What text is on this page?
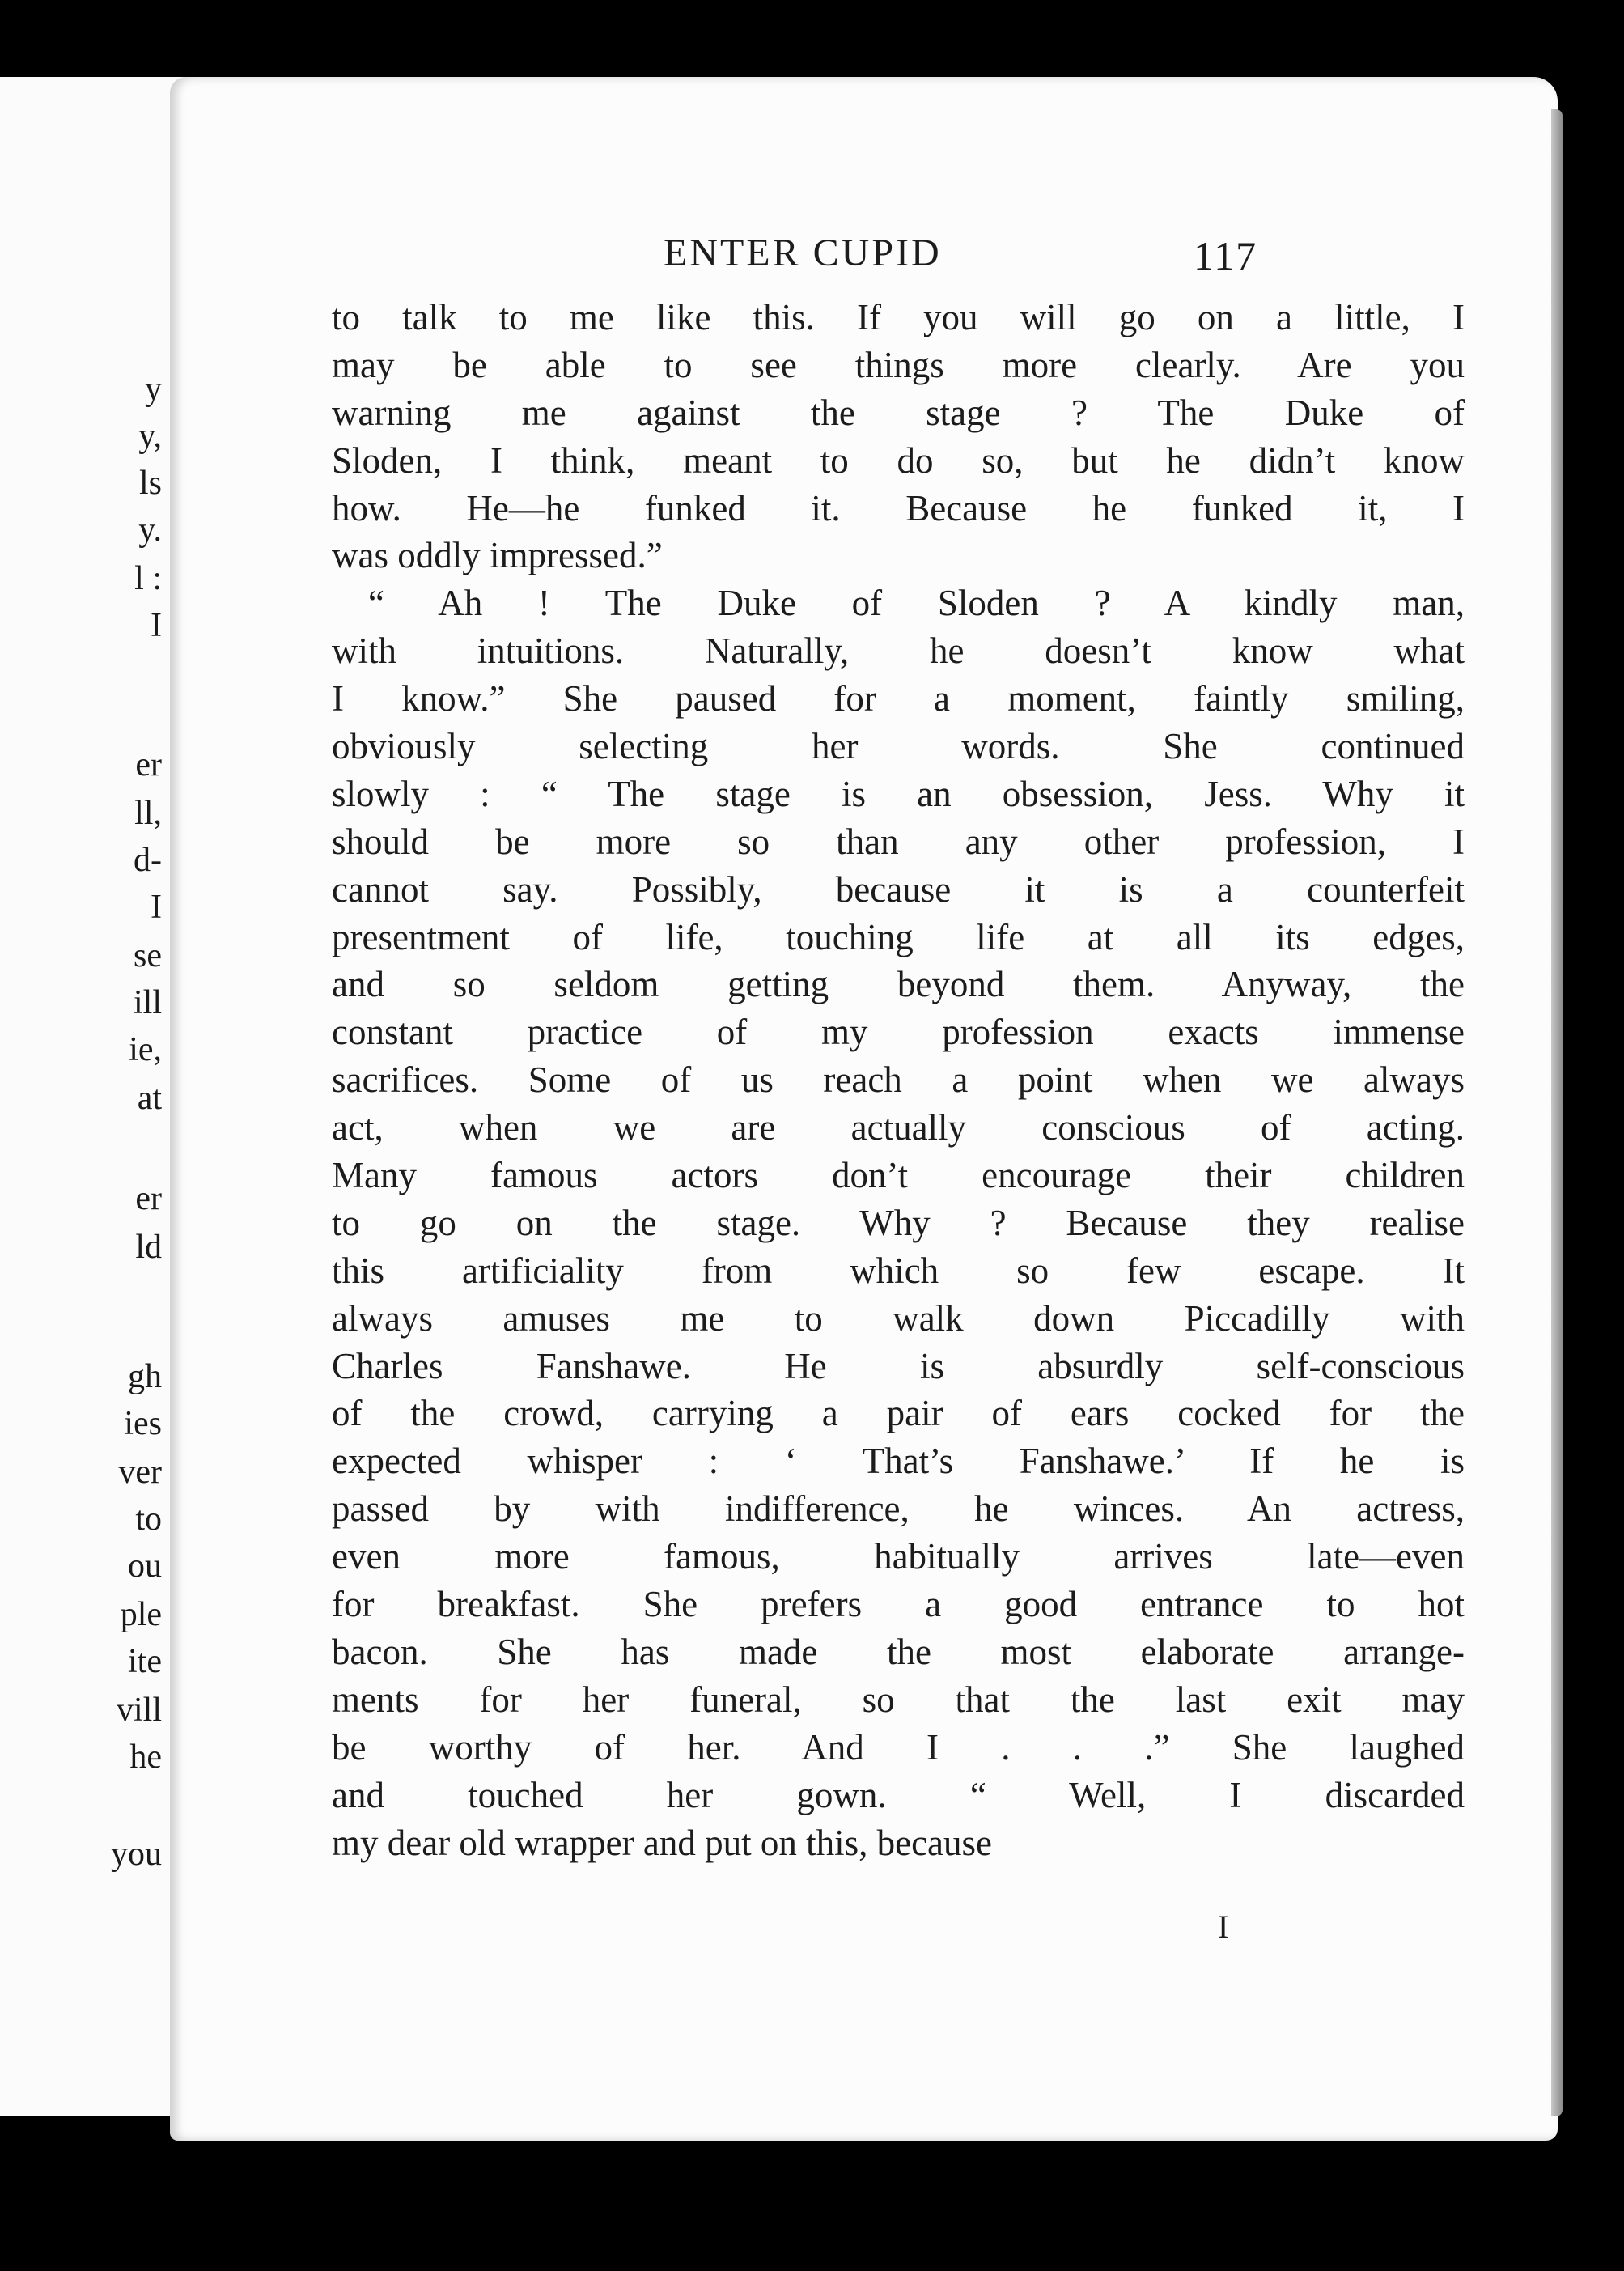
y
y,
ls
y.
l :
I
er
ll,
d-
I
se
ill
ie,
at
er
ld
gh
ies
ver
to
ou
ple
ite
vill
he
you
ENTER CUPID	117
to talk to me like this. If you will go on a little, I
may be able to see things more clearly. Are you
warning me against the stage ? The Duke of
Sloden, I think, meant to do so, but he didn’t know
how. He—he funked it. Because he funked it, I
was oddly impressed.”
“ Ah ! The Duke of Sloden ? A kindly man,
with intuitions. Naturally, he doesn’t know what
I know.” She paused for a moment, faintly smiling,
obviously selecting her words. She continued
slowly : “ The stage is an obsession, Jess. Why it
should be more so than any other profession, I
cannot say. Possibly, because it is a counterfeit
presentment of life, touching life at all its edges,
and so seldom getting beyond them. Anyway, the
constant practice of my profession exacts immense
sacrifices. Some of us reach a point when we always
act, when we are actually conscious of acting.
Many famous actors don’t encourage their children
to go on the stage. Why ? Because they realise
this artificiality from which so few escape. It
always amuses me to walk down Piccadilly with
Charles Fanshawe. He is absurdly self-conscious
of the crowd, carrying a pair of ears cocked for the
expected whisper : ‘ That’s Fanshawe.’ If he is
passed by with indifference, he winces. An actress,
even more famous, habitually arrives late—even
for breakfast. She prefers a good entrance to hot
bacon. She has made the most elaborate arrange-
ments for her funeral, so that the last exit may
be worthy of her. And I . . .” She laughed
and touched her gown. “ Well, I discarded
my dear old wrapper and put on this, because
I
